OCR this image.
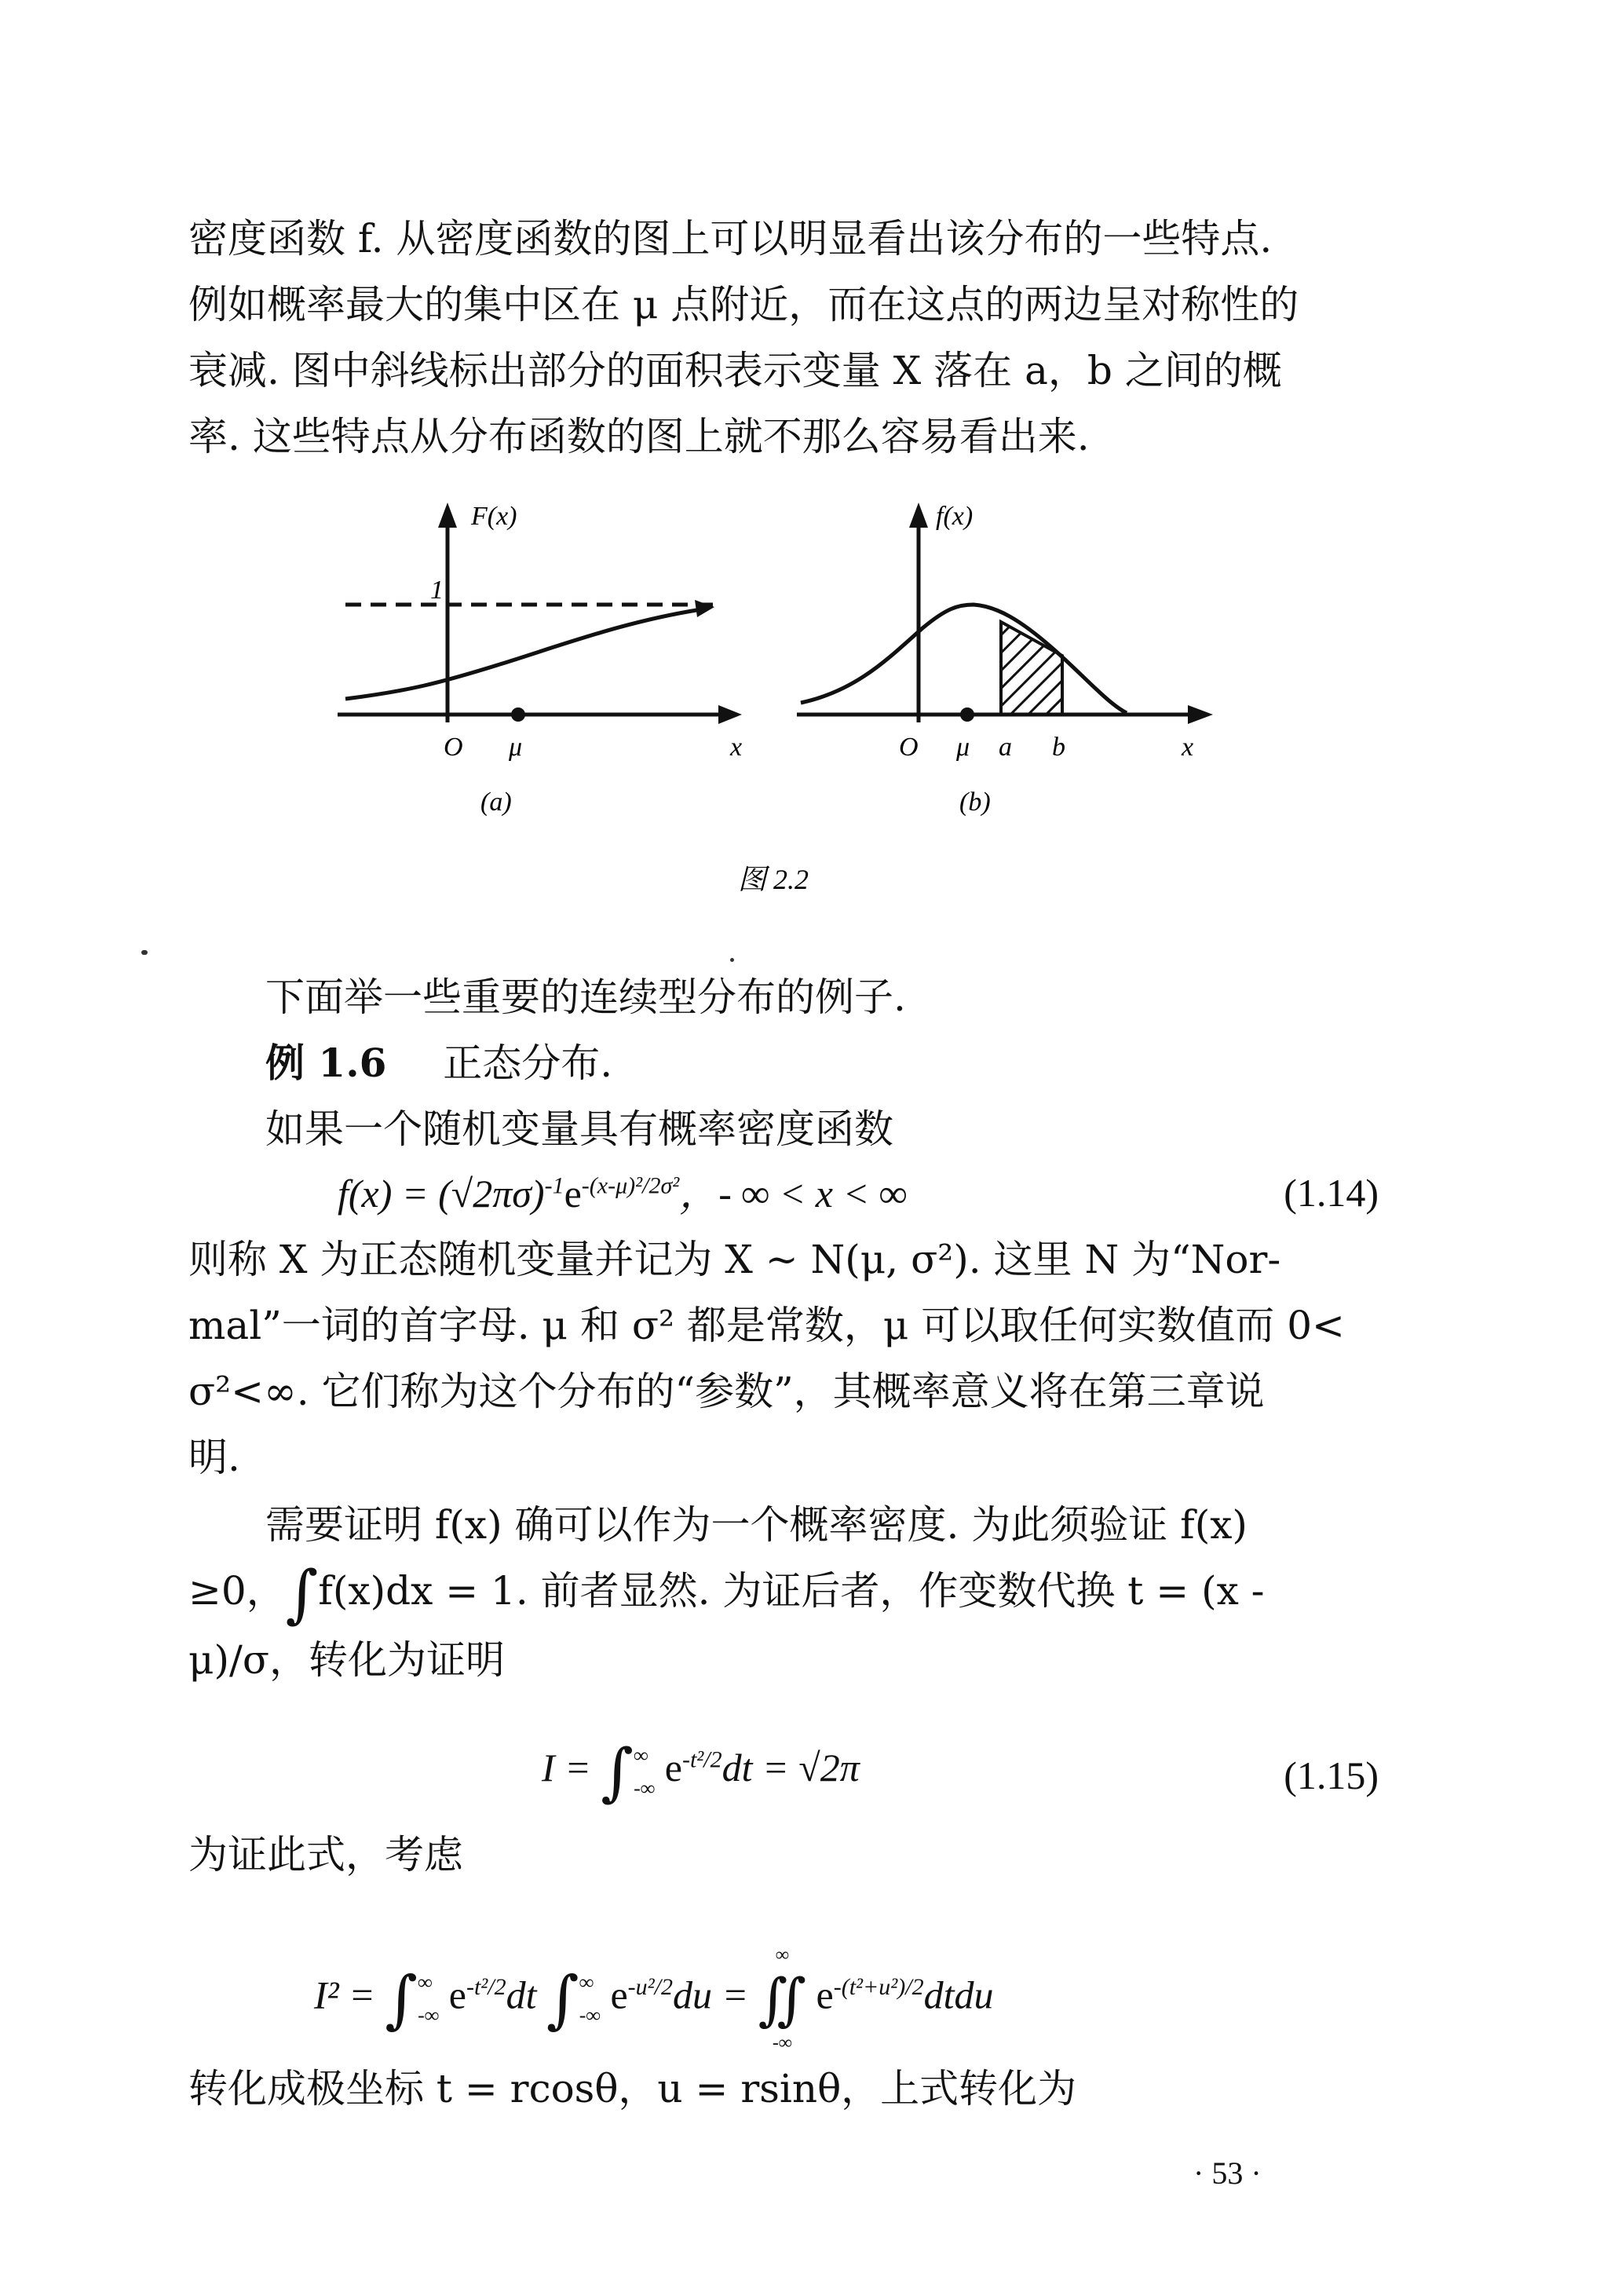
密度函数 f. 从密度函数的图上可以明显看出该分布的一些特点.
例如概率最大的集中区在 μ 点附近，而在这点的两边呈对称性的
衰减. 图中斜线标出部分的面积表示变量 X 落在 a，b 之间的概
率. 这些特点从分布函数的图上就不那么容易看出来.
F(x)
1
O μ	x
(a)
f(x)
O μ a b	x
(b)
图 2.2
下面举一些重要的连续型分布的例子.
例 1.6 正态分布.
如果一个随机变量具有概率密度函数
$f(x) = (√2\pi\sigma)^{-1}e^{-(x-\mu)^2/2\sigma^2}$，- ∞ < x < ∞	(1.14)
则称 X 为正态随机变量并记为 X ~ N(μ, σ²). 这里 N 为“Nor-
mal”一词的首字母. μ 和 σ² 都是常数，μ 可以取任何实数值而 0<
σ²<∞. 它们称为这个分布的“参数”，其概率意义将在第三章说
明.
需要证明 f(x) 确可以作为一个概率密度. 为此须验证 f(x)
≥0，∫f(x)dx = 1. 前者显然. 为证后者，作变数代换 t = (x -
μ)/σ，转化为证明
I = ∫ ∞
-∞ $e^{-t^2/2}dt = √2\pi$	(1.15)
为证此式，考虑
I² = ∫ ∞
-∞ $e^{-t^2/2}dt$ ∫ ∞
-∞ $e^{-u^2/2}du$ =
∞
∬
-∞
$e^{-(t^2+u^2)/2}dtdu$
转化成极坐标 t = rcosθ，u = rsinθ，上式转化为
· 53 ·
